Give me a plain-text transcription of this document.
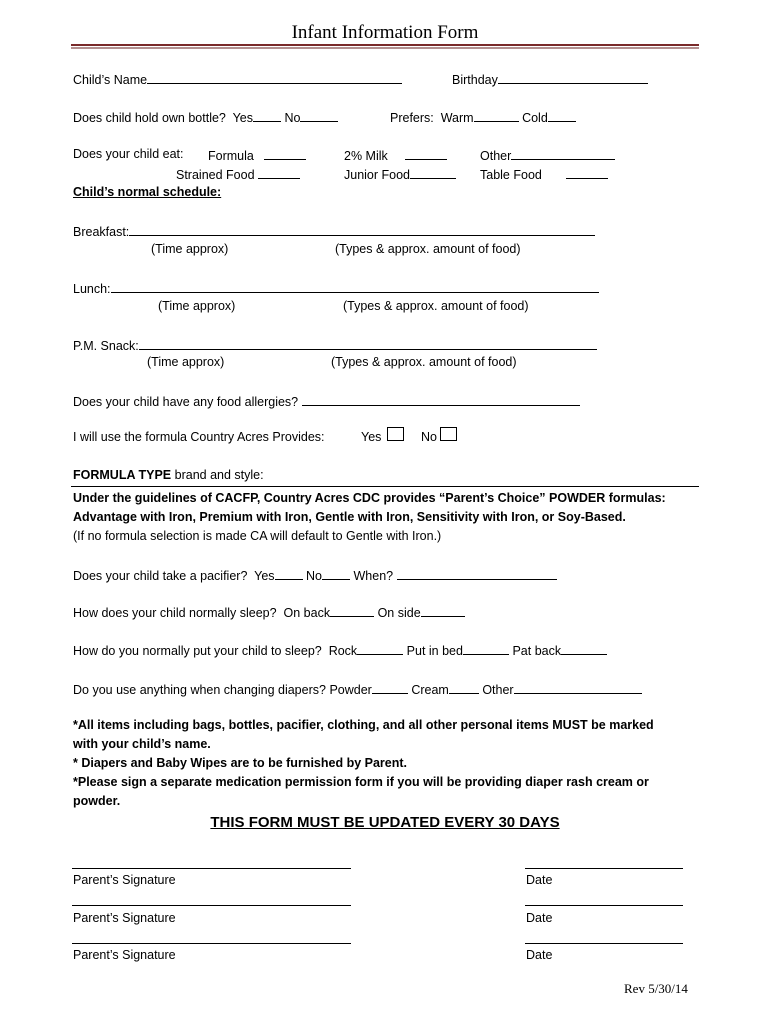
Infant Information Form
Child’s Name	Birthday
Does child hold own bottle? Yes	No	Prefers: Warm	Cold
Does your child eat: Formula	2% Milk	Other
Strained Food	Junior Food	Table Food
Child’s normal schedule:
Breakfast:
(Time approx)	(Types & approx. amount of food)
Lunch:
(Time approx)	(Types & approx. amount of food)
P.M. Snack:
(Time approx)	(Types & approx. amount of food)
Does your child have any food allergies?
I will use the formula Country Acres Provides:	Yes	No
FORMULA TYPE brand and style:
Under the guidelines of CACFP, Country Acres CDC provides “Parent’s Choice” POWDER formulas:
Advantage with Iron, Premium with Iron, Gentle with Iron, Sensitivity with Iron, or Soy-Based.
(If no formula selection is made CA will default to Gentle with Iron.)
Does your child take a pacifier? Yes	No	When?
How does your child normally sleep? On back	On side
How do you normally put your child to sleep? Rock	Put in bed	Pat back
Do you use anything when changing diapers? Powder	Cream	Other
*All items including bags, bottles, pacifier, clothing, and all other personal items MUST be marked
with your child’s name.
* Diapers and Baby Wipes are to be furnished by Parent.
*Please sign a separate medication permission form if you will be providing diaper rash cream or
powder.
THIS FORM MUST BE UPDATED EVERY 30 DAYS
Parent’s Signature	Date
Parent’s Signature	Date
Parent’s Signature	Date
Rev 5/30/14
